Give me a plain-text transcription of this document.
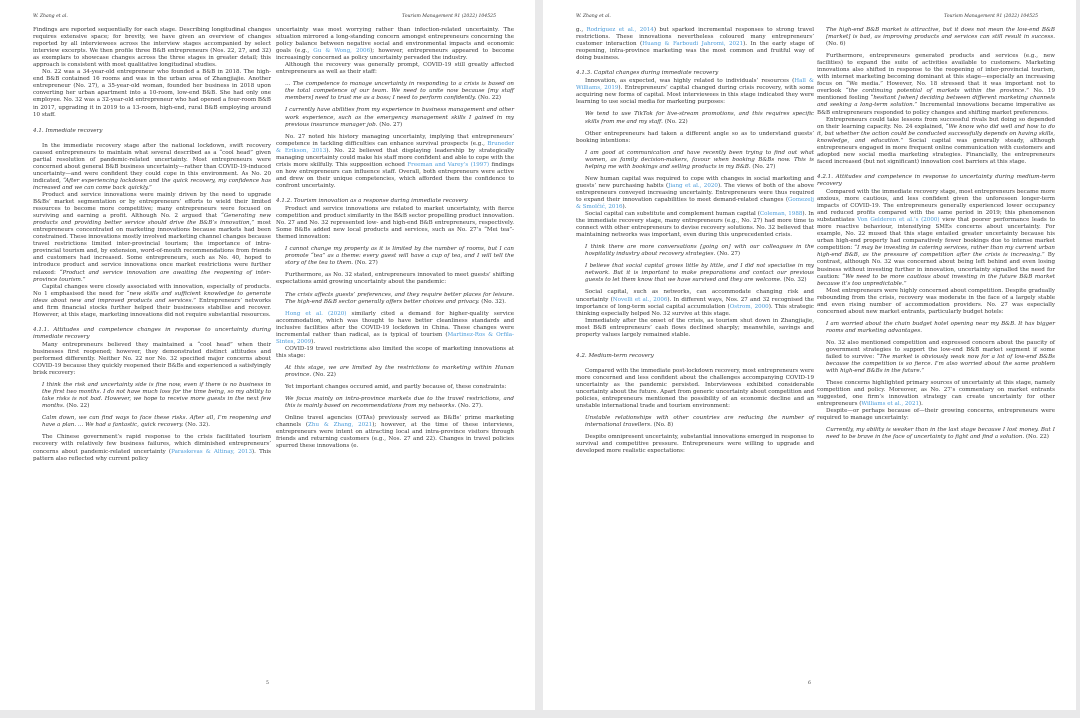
W. Zhang et al.	Tourism Management 91 (2022) 104525

Findings are reported sequentially for each stage. Describing longitudinal changes requires extensive space; for brevity, we have given an overview of changes reported by all interviewees across the interview stages accompanied by select interview excerpts. We then profile three B&B entrepreneurs (Nos. 22, 27, and 32) as exemplars to showcase changes across the three stages in greater detail; this approach is consistent with most qualitative longitudinal studies.

No. 22 was a 34-year-old entrepreneur who founded a B&B in 2018. The high-end B&B contained 16 rooms and was in the urban area of Zhangjiajie. Another entrepreneur (No. 27), a 35-year-old woman, founded her business in 2018 upon converting her urban apartment into a 10-room, low-end B&B. She had only one employee. No. 32 was a 32-year-old entrepreneur who had opened a four-room B&B in 2017, upgrading it in 2019 to a 13-room, high-end, rural B&B employing around 10 staff.

4.1. Immediate recovery

In the immediate recovery stage after the national lockdown, swift recovery caused entrepreneurs to maintain what several described as a “cool head” given partial resolution of pandemic-related uncertainty. Most entrepreneurs were concerned about general B&B business uncertainty—rather than COVID-19-induced uncertainty—and were confident they could cope in this environment. As No. 20 indicated, “After experiencing lockdown and the quick recovery, my confidence has increased and we can come back quickly.”

Product and service innovations were mainly driven by the need to upgrade B&Bs’ market segmentation or by entrepreneurs’ efforts to wield their limited resources to become more competitive; many entrepreneurs were focused on surviving and earning a profit. Although No. 2 argued that “Generating new products and providing better service should drive the B&B’s innovation,” most entrepreneurs concentrated on marketing innovations because markets had been constrained. These innovations mostly involved marketing channel changes because travel restrictions limited inter-provincial tourism; the importance of intra-provincial tourism and, by extension, word-of-mouth recommendations from friends and customers had increased. Some entrepreneurs, such as No. 40, hoped to introduce product and service innovations once market restrictions were further relaxed: “Product and service innovation are awaiting the reopening of inter-province tourism.”

Capital changes were closely associated with innovation, especially of products. No 1 emphasised the need for “new skills and sufficient knowledge to generate ideas about new and improved products and services.” Entrepreneurs’ networks and firm financial stocks further helped their businesses stabilise and recover. However, at this stage, marketing innovations did not require substantial resources.

4.1.1. Attitudes and competence changes in response to uncertainty during immediate recovery

Many entrepreneurs believed they maintained a “cool head” when their businesses first reopened; however, they demonstrated distinct attitudes and performed differently. Neither No. 22 nor No. 32 specified major concerns about COVID-19 because they quickly reopened their B&Bs and experienced a satisfyingly brisk recovery:

I think the risk and uncertainty side is fine now, even if there is no business in the first two months. I do not have much loss for the time being, so my ability to take risks is not bad. However, we hope to receive more guests in the next few months. (No. 22)
Calm down, we can find ways to face these risks. After all, I’m reopening and have a plan. … We had a fantastic, quick recovery. (No. 32).

The Chinese government’s rapid response to the crisis facilitated tourism recovery with relatively few business failures, which diminished entrepreneurs’ concerns about pandemic-related uncertainty (Paraskevas & Altinay, 2013). This pattern also reflected why current policy

uncertainty was most worrying rather than infection-related uncertainty. The situation mirrored a long-standing concern amongst entrepreneurs concerning the policy balance between negative social and environmental impacts and economic goals (e.g., Gu & Wong, 2006); however, entrepreneurs appeared to become increasingly concerned as policy uncertainty pervaded the industry.

Although the recovery was generally prompt, COVID-19 still greatly affected entrepreneurs as well as their staff:

… The competence to manage uncertainty in responding to a crisis is based on the total competence of our team. We need to unite now because [my staff members] need to trust me as a boss; I need to perform confidently. (No. 22)
I currently have abilities from my experience in business management and other work experience, such as the emergency management skills I gained in my previous insurance manager job. (No. 27)

No. 27 noted his history managing uncertainty, implying that entrepreneurs’ competence in tackling difficulties can enhance survival prospects (e.g., Bruneder & Erikson, 2013). No. 22 believed that displaying leadership by strategically managing uncertainty could make his staff more confident and able to cope with the crisis more skilfully. This supposition echoed Freeman and Varey’s (1997) findings on how entrepreneurs can influence staff. Overall, both entrepreneurs were active and drew on their unique competencies, which afforded them the confidence to confront uncertainty.

4.1.2. Tourism innovation as a response during immediate recovery

Product and service innovations are related to market uncertainty, with fierce competition and product similarity in the B&B sector propelling product innovation. No. 27 and No. 32 represented low- and high-end B&B entrepreneurs, respectively. Some B&Bs added new local products and services, such as No. 27’s “Mei tea”-themed innovation:

I cannot change my property as it is limited by the number of rooms, but I can promote “tea” as a theme: every guest will have a cup of tea, and I will tell the story of the tea to them. (No. 27)

Furthermore, as No. 32 stated, entrepreneurs innovated to meet guests’ shifting expectations amid growing uncertainty about the pandemic:

The crisis affects guests’ preferences, and they require better places for leisure. The high-end B&B sector generally offers better choices and privacy. (No. 32).

Hong et al. (2020) similarly cited a demand for higher-quality service accommodation, which was thought to have better cleanliness standards and inclusive facilities after the COVID-19 lockdown in China. These changes were incremental rather than radical, as is typical of tourism (Martinez-Ros & Orfila-Sintes, 2009).

COVID-19 travel restrictions also limited the scope of marketing innovations at this stage:

At this stage, we are limited by the restrictions to marketing within Hunan province. (No. 22)

Yet important changes occured amid, and partly because of, these constraints:

We focus mainly on intra-province markets due to the travel restrictions, and this is mainly based on recommendations from my networks. (No. 27).

Online travel agencies (OTAs) previously served as B&Bs’ prime marketing channels (Zhu & Zhang, 2021); however, at the time of these interviews, entrepreneurs were intent on attracting local and intra-province visitors through friends and returning customers (e.g., Nos. 27 and 22). Changes in travel policies spurred these innovations (e.

5
W. Zhang et al.	Tourism Management 91 (2022) 104525

g., Rodríguez et al., 2014) but sparked incremental responses to strong travel restrictions. These innovations nevertheless coloured many entrepreneurs’ customer interaction (Huang & Farboudi Jahromi, 2021). In the early stage of reopening, intra-province marketing was the most common and fruitful way of doing business.

4.1.3. Capital changes during immediate recovery

Innovation, as expected, was highly related to individuals’ resources (Hall & Williams, 2019). Entrepreneurs’ capital changed during crisis recovery, with some acquiring new forms of capital. Most interviewees in this stage indicated they were learning to use social media for marketing purposes:

We tend to use TikTok for live-stream promotions, and this requires specific skills from me and my staff. (No. 22)

Other entrepreneurs had taken a different angle so as to understand guests’ booking intentions:

I am good at communication and have recently been trying to find out what women, as family decision-makers, favour when booking B&Bs now. This is helping me with bookings and selling products in my B&B. (No. 27)

New human capital was required to cope with changes in social marketing and guests’ new purchasing habits (Jiang et al., 2020). The views of both of the above entrepreneurs conveyed increasing uncertainty. Entrepreneurs were thus required to expand their innovation capabilities to meet demand-related changes (Gomezelj & Smolčić, 2016).

Social capital can substitute and complement human capital (Coleman, 1988). In the immediate recovery stage, many entrepreneurs (e.g., No. 27) had more time to connect with other entrepreneurs to devise recovery solutions. No. 32 believed that maintaining networks was important, even during this unprecedented crisis.

I think there are more conversations [going on] with our colleagues in the hospitality industry about recovery strategies. (No. 27)
I believe that social capital grows little by little, and I did not specialise in my network. But it is important to make preparations and contact our previous guests to let them know that we have survived and they are welcome. (No. 32)

Social capital, such as networks, can accommodate changing risk and uncertainty (Novelli et al., 2006). In different ways, Nos. 27 and 32 recognised the importance of long-term social capital accumulation (Ostrom, 2000). This strategic thinking especially helped No. 32 survive at this stage.

Immediately after the onset of the crisis, as tourism shut down in Zhangjiajie, most B&B entrepreneurs’ cash flows declined sharply; meanwhile, savings and property values largely remained stable.

4.2. Medium-term recovery

Compared with the immediate post-lockdown recovery, most entrepreneurs were more concerned and less confident about the challenges accompanying COVID-19 uncertainty as the pandemic persisted. Interviewees exhibited considerable uncertainty about the future. Apart from generic uncertainty about competition and policies, entrepreneurs mentioned the possibility of an economic decline and an unstable international trade and tourism environment:

Unstable relationships with other countries are reducing the number of international travellers. (No. 8)

Despite omnipresent uncertainty, substantial innovations emerged in response to survival and competitive pressure. Entrepreneurs were willing to upgrade and developed more realistic expectations:

The high-end B&B market is attractive, but it does not mean the low-end B&B [market] is bad, as improving products and services can still result in success. (No. 6)

Furthermore, entrepreneurs generated products and services (e.g., new facilities) to expand the suite of activities available to customers. Marketing innovations also shifted in response to the reopening of inter-provincial tourism, with internet marketing becoming dominant at this stage—especially an increasing focus on “We media.” However, No. 18 stressed that it was important not to overlook “the continuing potential of markets within the province.” No. 19 mentioned feeling “hesitant [when] deciding between different marketing channels and seeking a long-term solution.” Incremental innovations became imperative as B&B entrepreneurs responded to policy changes and shifting market preferences.

Entrepreneurs could take lessons from successful rivals but doing so depended on their learning capacity. No. 24 explained, “We know who did well and how to do it, but whether the action could be conducted successfully depends on having skills, knowledge, and education.” Social capital was generally steady, although entrepreneurs engaged in more frequent online communication with customers and adopted new social media marketing strategies. Financially, the entrepreneurs faced increased (but not significant) innovation cost barriers at this stage.

4.2.1. Attitudes and competence in response to uncertainty during medium-term recovery

Compared with the immediate recovery stage, most entrepreneurs became more anxious, more cautious, and less confident given the unforeseen longer-term impacts of COVID-19. The entrepreneurs generally experienced lower occupancy and reduced profits compared with the same period in 2019; this phenomenon substantiates Von Gelderen et al.’s (2000) view that poorer performance leads to more reactive behaviour, intensifying SMEs concerns about uncertainty. For example, No. 22 mused that this stage entailed greater uncertainty because his urban high-end property had comparatively fewer bookings due to intense market competition: “I may be investing in catering services, rather than my current urban high-end B&B, as the pressure of competition after the crisis is increasing.” By contrast, although No. 32 was concerned about being left behind and even losing business without investing further in innovation, uncertainty signalled the need for caution: “We need to be more cautious about investing in the future B&B market because it’s too unpredictable.”

Most entrepreneurs were highly concerned about competition. Despite gradually rebounding from the crisis, recovery was moderate in the face of a largely stable and even rising number of accommodation providers. No. 27 was especially concerned about new market entrants, particularly budget hotels:

I am worried about the chain budget hotel opening near my B&B. It has bigger rooms and marketing advantages.
No. 32 also mentioned competition and expressed concern about the paucity of government strategies to support the low-end B&B market segment if some failed to survive: “The market is obviously weak now for a lot of low-end B&Bs because the competition is so fierce. I’m also worried about the same problem with high-end B&Bs in the future.”

These concerns highlighted primary sources of uncertainty at this stage, namely competition and policy. Moreover, as No. 27’s commentary on market entrants suggested, one firm’s innovation strategy can create uncertainty for other entrepreneurs (Williams et al., 2021).

Despite—or perhaps because of—their growing concerns, entrepreneurs were required to manage uncertainty:

Currently, my ability is weaker than in the last stage because I lost money. But I need to be brave in the face of uncertainty to fight and find a solution. (No. 22)
6
